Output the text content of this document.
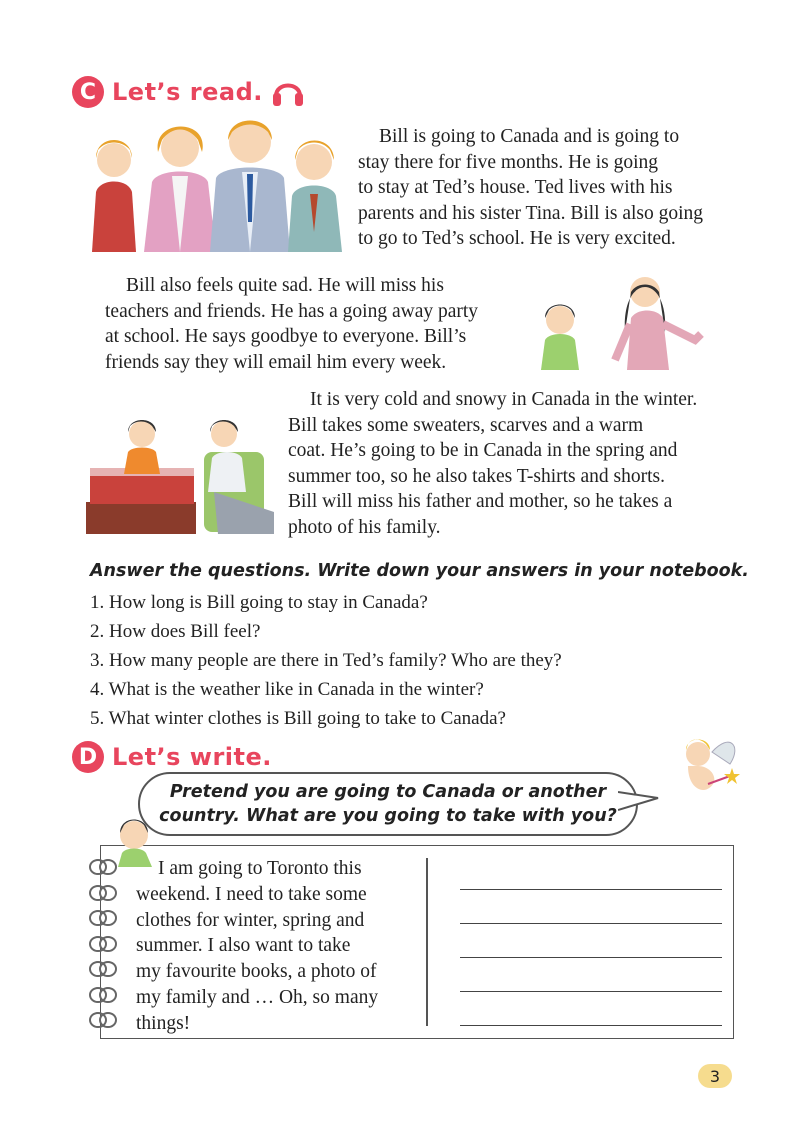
C Let’s read.

Bill is going to Canada and is going to

stay there for five months. He is going

to stay at Ted’s house. Ted lives with his

parents and his sister Tina. Bill is also going

to go to Ted’s school. He is very excited.

Bill also feels quite sad. He will miss his

teachers and friends. He has a going away party

at school. He says goodbye to everyone. Bill’s

friends say they will email him every week.

It is very cold and snowy in Canada in the winter.

Bill takes some sweaters, scarves and a warm

coat. He’s going to be in Canada in the spring and

summer too, so he also takes T-shirts and shorts.

Bill will miss his father and mother, so he takes a

photo of his family.

Answer the questions. Write down your answers in your notebook.
1. How long is Bill going to stay in Canada?
2. How does Bill feel?
3. How many people are there in Ted’s family? Who are they?
4. What is the weather like in Canada in the winter?
5. What winter clothes is Bill going to take to Canada?
D Let’s write.
Pretend you are going to Canada or another
country. What are you going to take with you?

I am going to Toronto this

weekend. I need to take some

clothes for winter, spring and

summer. I also want to take

my favourite books, a photo of

my family and … Oh, so many

things!

3
